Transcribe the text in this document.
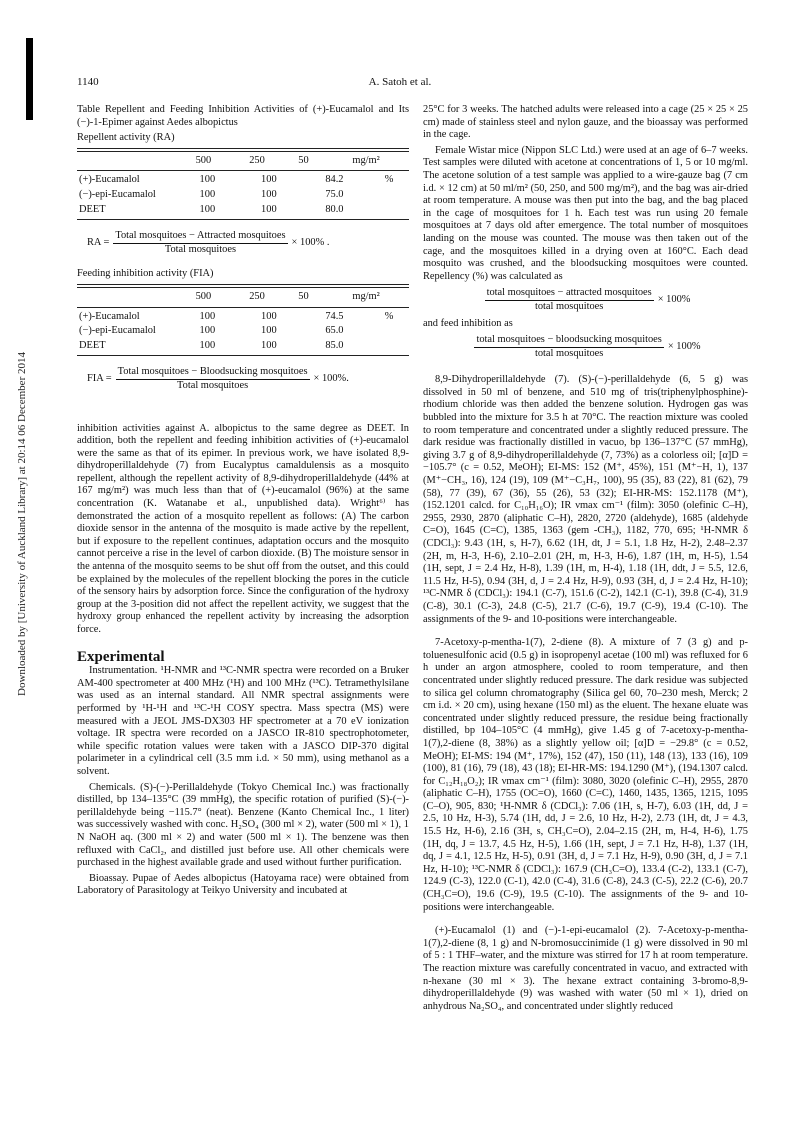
Downloaded by [University of Auckland Library] at 20:14 06 December 2014
1140	A. Satoh et al.

Table Repellent and Feeding Inhibition Activities of (+)-Eucamalol and Its (−)-1-Epimer against Aedes albopictus

Repellent activity (RA)

	500	250	50	mg/m²
(+)-Eucamalol	100	100	84.2	%
(−)-epi-Eucamalol	100	100	75.0	
DEET	100	100	80.0	
RA = $\frac{\text{Total mosquitoes − Attracted mosquitoes}}{\text{Total mosquitoes}} \times 100\%$ .

Feeding inhibition activity (FIA)

	500	250	50	mg/m²
(+)-Eucamalol	100	100	74.5	%
(−)-epi-Eucamalol	100	100	65.0	
DEET	100	100	85.0	
FIA = $\frac{\text{Total mosquitoes − Bloodsucking mosquitoes}}{\text{Total mosquitoes}} \times 100\%$.

inhibition activities against A. albopictus to the same degree as DEET. In addition, both the repellent and feeding inhibition activities of (+)-eucamalol were the same as that of its epimer. In previous work, we have isolated 8,9-dihydroperillaldehyde (7) from Eucalyptus camaldulensis as a mosquito repellent, although the repellent activity of 8,9-dihydroperillaldehyde (44% at 167 mg/m²) was much less than that of (+)-eucamalol (96%) at the same concentration (K. Watanabe et al., unpublished data). Wright⁶⁾ has demonstrated the action of a mosquito repellent as follows: (A) The carbon dioxide sensor in the antenna of the mosquito is made active by the repellent, but if exposure to the repellent continues, adaptation occurs and the mosquito cannot perceive a rise in the level of carbon dioxide. (B) The moisture sensor in the antenna of the mosquito seems to be shut off from the outset, and this could be explained by the molecules of the repellent blocking the pores in the cuticle of the sensory hairs by adsorption force. Since the configuration of the hydroxy group at the 3-position did not affect the repellent activity, we suggest that the hydroxy group enhanced the repellent activity by increasing the adsorption force.

Experimental

Instrumentation. ¹H-NMR and ¹³C-NMR spectra were recorded on a Bruker AM-400 spectrometer at 400 MHz (¹H) and 100 MHz (¹³C). Tetramethylsilane was used as an internal standard. All NMR spectral assignments were performed by ¹H-¹H and ¹³C-¹H COSY spectra. Mass spectra (MS) were measured with a JEOL JMS-DX303 HF spectrometer at a 70 eV ionization voltage. IR spectra were recorded on a JASCO IR-810 spectrophotometer, while specific rotation values were taken with a JASCO DIP-370 digital polarimeter in a cylindrical cell (3.5 mm i.d. × 50 mm), using methanol as a solvent.

Chemicals. (S)-(−)-Perillaldehyde (Tokyo Chemical Inc.) was fractionally distilled, bp 134–135°C (39 mmHg), the specific rotation of purified (S)-(−)-perillaldehyde being −115.7° (neat). Benzene (Kanto Chemical Inc., 1 liter) was successively washed with conc. H₂SO₄ (300 ml × 2), water (500 ml × 1), 1 N NaOH aq. (300 ml × 2) and water (500 ml × 1). The benzene was then refluxed with CaCl₂, and distilled just before use. All other chemicals were purchased in the highest available grade and used without further purification.

Bioassay. Pupae of Aedes albopictus (Hatoyama race) were obtained from Laboratory of Parasitology at Teikyo University and incubated at

25°C for 3 weeks. The hatched adults were released into a cage (25 × 25 × 25 cm) made of stainless steel and nylon gauze, and the bioassay was performed in the cage.

Female Wistar mice (Nippon SLC Ltd.) were used at an age of 6–7 weeks. Test samples were diluted with acetone at concentrations of 1, 5 or 10 mg/ml. The acetone solution of a test sample was applied to a wire-gauze bag (7 cm i.d. × 12 cm) at 50 ml/m² (50, 250, and 500 mg/m²), and the bag was air-dried at room temperature. A mouse was then put into the bag, and the bag placed in the cage of mosquitoes for 1 h. Each test was run using 20 female mosquitoes at 7 days old after emergence. The total number of mosquitoes landing on the mouse was counted. The mouse was then taken out of the cage, and the mosquitoes killed in a drying oven at 160°C. Each dead mosquito was crushed, and the bloodsucking mosquitoes were counted. Repellency (%) was calculated as

$\frac{\text{total mosquitoes − attracted mosquitoes}}{\text{total mosquitoes}} \times 100\%$

and feed inhibition as

$\frac{\text{total mosquitoes − bloodsucking mosquitoes}}{\text{total mosquitoes}} \times 100\%$

8,9-Dihydroperillaldehyde (7). (S)-(−)-perillaldehyde (6, 5 g) was dissolved in 50 ml of benzene, and 510 mg of tris(triphenylphosphine)-rhodium chloride was then added the benzene solution. Hydrogen gas was bubbled into the mixture for 3.5 h at 70°C. The reaction mixture was cooled to room temperature and concentrated under a slightly reduced pressure. The dark residue was fractionally distilled in vacuo, bp 136–137°C (57 mmHg), giving 3.7 g of 8,9-dihydroperillaldehyde (7, 73%) as a colorless oil; [α]D = −105.7° (c = 0.52, MeOH); EI-MS: 152 (M⁺, 45%), 151 (M⁺−H, 1), 137 (M⁺−CH₃, 16), 124 (19), 109 (M⁺−C₃H₇, 100), 95 (35), 83 (22), 81 (62), 79 (58), 77 (39), 67 (36), 55 (26), 53 (32); EI-HR-MS: 152.1178 (M⁺), (152.1201 calcd. for C₁₀H₁₆O); IR νmax cm⁻¹ (film): 3050 (olefinic C–H), 2955, 2930, 2870 (aliphatic C–H), 2820, 2720 (aldehyde), 1685 (aldehyde C=O), 1645 (C=C), 1385, 1363 (gem -CH₃), 1182, 770, 695; ¹H-NMR δ (CDCl₃): 9.43 (1H, s, H-7), 6.62 (1H, dt, J = 5.1, 1.8 Hz, H-2), 2.48–2.37 (2H, m, H-3, H-6), 2.10–2.01 (2H, m, H-3, H-6), 1.87 (1H, m, H-5), 1.54 (1H, sept, J = 2.4 Hz, H-8), 1.39 (1H, m, H-4), 1.18 (1H, ddt, J = 5.5, 12.6, 11.5 Hz, H-5), 0.94 (3H, d, J = 2.4 Hz, H-9), 0.93 (3H, d, J = 2.4 Hz, H-10); ¹³C-NMR δ (CDCl₃): 194.1 (C-7), 151.6 (C-2), 142.1 (C-1), 39.8 (C-4), 31.9 (C-8), 30.1 (C-3), 24.8 (C-5), 21.7 (C-6), 19.7 (C-9), 19.4 (C-10). The assignments of the 9- and 10-positions were interchangeable.

7-Acetoxy-p-mentha-1(7), 2-diene (8). A mixture of 7 (3 g) and p-toluenesulfonic acid (0.5 g) in isopropenyl acetae (100 ml) was refluxed for 6 h under an argon atmosphere, cooled to room temperature, and then concentrated under slightly reduced pressure. The dark residue was subjected to silica gel column chromatography (Silica gel 60, 70–230 mesh, Merck; 2 cm i.d. × 20 cm), using hexane (150 ml) as the eluent. The hexane eluate was concentrated under slightly reduced pressure, the residue being fractionally distilled, bp 104–105°C (4 mmHg), give 1.45 g of 7-acetoxy-p-mentha-1(7),2-diene (8, 38%) as a slightly yellow oil; [α]D = −29.8° (c = 0.52, MeOH); EI-MS: 194 (M⁺, 17%), 152 (47), 150 (11), 148 (13), 133 (16), 109 (100), 81 (16), 79 (18), 43 (18); EI-HR-MS: 194.1290 (M⁺), (194.1307 calcd. for C₁₂H₁₈O₂); IR νmax cm⁻¹ (film): 3080, 3020 (olefinic C–H), 2955, 2870 (aliphatic C–H), 1755 (OC=O), 1660 (C=C), 1460, 1435, 1365, 1215, 1095 (C–O), 905, 830; ¹H-NMR δ (CDCl₃): 7.06 (1H, s, H-7), 6.03 (1H, dd, J = 2.5, 10 Hz, H-3), 5.74 (1H, dd, J = 2.6, 10 Hz, H-2), 2.73 (1H, dt, J = 4.3, 15.5 Hz, H-6), 2.16 (3H, s, CH₃C=O), 2.04–2.15 (2H, m, H-4, H-6), 1.75 (1H, dq, J = 13.7, 4.5 Hz, H-5), 1.66 (1H, sept, J = 7.1 Hz, H-8), 1.37 (1H, dq, J = 4.1, 12.5 Hz, H-5), 0.91 (3H, d, J = 7.1 Hz, H-9), 0.90 (3H, d, J = 7.1 Hz, H-10); ¹³C-NMR δ (CDCl₃): 167.9 (CH₃C=O), 133.4 (C-2), 133.1 (C-7), 124.9 (C-3), 122.0 (C-1), 42.0 (C-4), 31.6 (C-8), 24.3 (C-5), 22.2 (C-6), 20.7 (CH₃C=O), 19.6 (C-9), 19.5 (C-10). The assignments of the 9- and 10-positions were interchangeable.

(+)-Eucamalol (1) and (−)-1-epi-eucamalol (2). 7-Acetoxy-p-mentha-1(7),2-diene (8, 1 g) and N-bromosuccinimide (1 g) were dissolved in 90 ml of 5 : 1 THF–water, and the mixture was stirred for 17 h at room temperature. The reaction mixture was carefully concentrated in vacuo, and extracted with n-hexane (30 ml × 3). The hexane extract containing 3-bromo-8,9-dihydroperillaldehyde (9) was washed with water (50 ml × 1), dried on anhydrous Na₂SO₄, and concentrated under slightly reduced
